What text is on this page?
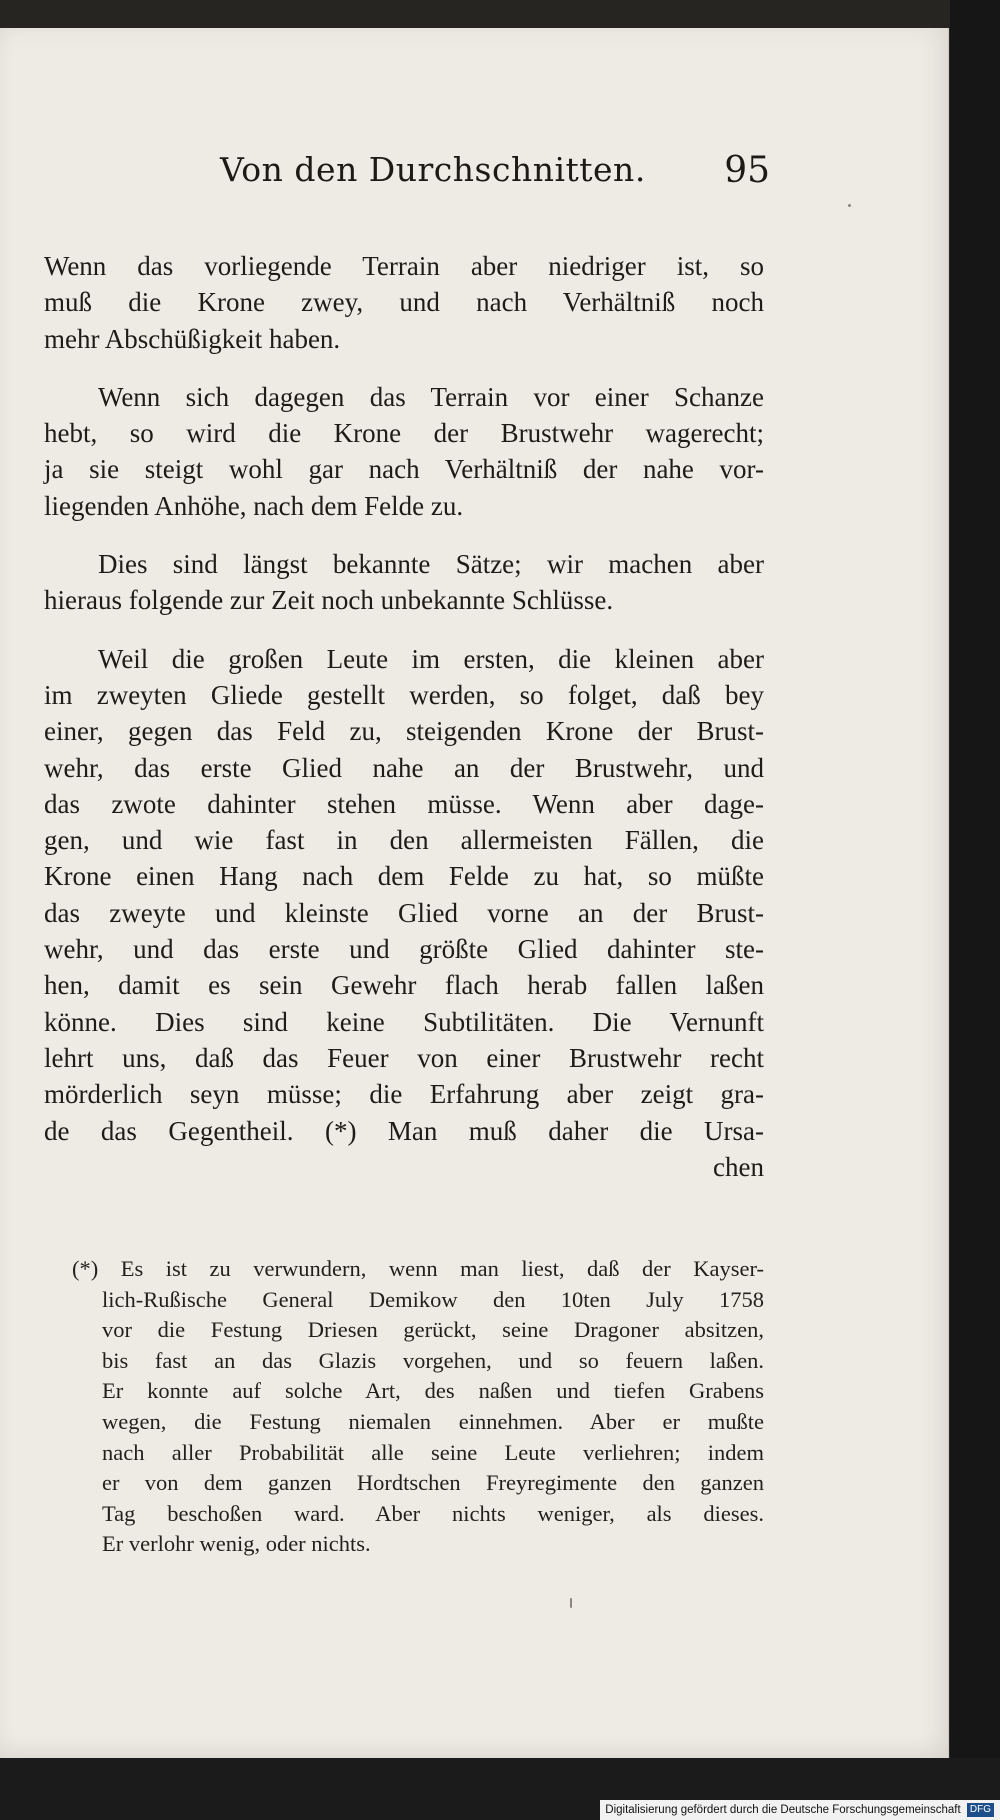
Von den Durchschnitten. 95

Wenn das vorliegende Terrain aber niedriger ist, so
muß die Krone zwey, und nach Verhältniß noch
mehr Abschüßigkeit haben.

Wenn sich dagegen das Terrain vor einer Schanze
hebt, so wird die Krone der Brustwehr wagerecht;
ja sie steigt wohl gar nach Verhältniß der nahe vor-
liegenden Anhöhe, nach dem Felde zu.

Dies sind längst bekannte Sätze; wir machen aber
hieraus folgende zur Zeit noch unbekannte Schlüsse.

Weil die großen Leute im ersten, die kleinen aber
im zweyten Gliede gestellt werden, so folget, daß bey
einer, gegen das Feld zu, steigenden Krone der Brust-
wehr, das erste Glied nahe an der Brustwehr, und
das zwote dahinter stehen müsse. Wenn aber dage-
gen, und wie fast in den allermeisten Fällen, die
Krone einen Hang nach dem Felde zu hat, so müßte
das zweyte und kleinste Glied vorne an der Brust-
wehr, und das erste und größte Glied dahinter ste-
hen, damit es sein Gewehr flach herab fallen laßen
könne. Dies sind keine Subtilitäten. Die Vernunft
lehrt uns, daß das Feuer von einer Brustwehr recht
mörderlich seyn müsse; die Erfahrung aber zeigt gra-
de das Gegentheil. (*) Man muß daher die Ursa-
chen

(*) Es ist zu verwundern, wenn man liest, daß der Kayser-
lich-Rußische General Demikow den 10ten July 1758
vor die Festung Driesen gerückt, seine Dragoner absitzen,
bis fast an das Glazis vorgehen, und so feuern laßen.
Er konnte auf solche Art, des naßen und tiefen Grabens
wegen, die Festung niemalen einnehmen. Aber er mußte
nach aller Probabilität alle seine Leute verliehren; indem
er von dem ganzen Hordtschen Freyregimente den ganzen
Tag beschoßen ward. Aber nichts weniger, als dieses.
Er verlohr wenig, oder nichts.
Digitalisierung gefördert durch die Deutsche Forschungsgemeinschaft DFG
